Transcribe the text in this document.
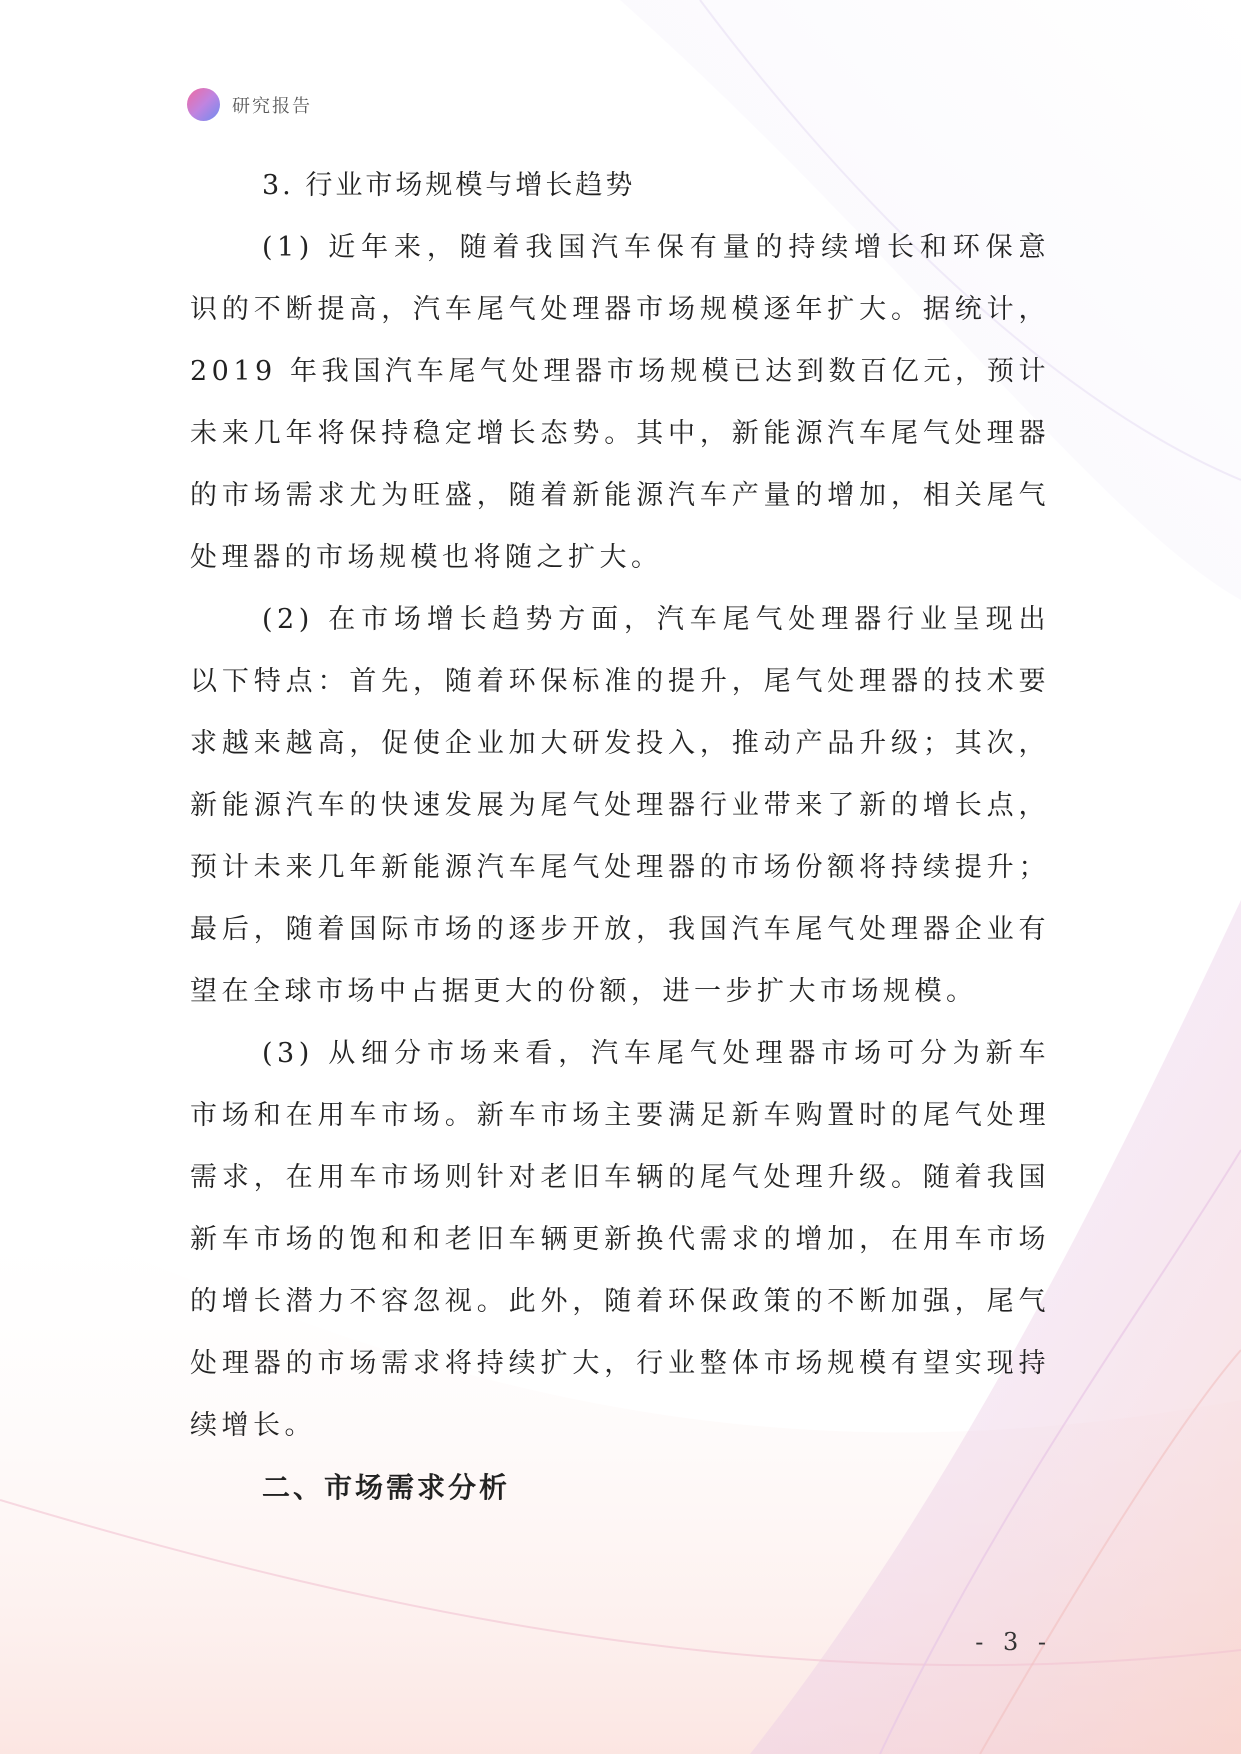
研究报告
3. 行业市场规模与增长趋势

(1) 近年来，随着我国汽车保有量的持续增长和环保意识的不断提高，汽车尾气处理器市场规模逐年扩大。据统计，2019 年我国汽车尾气处理器市场规模已达到数百亿元，预计未来几年将保持稳定增长态势。其中，新能源汽车尾气处理器的市场需求尤为旺盛，随着新能源汽车产量的增加，相关尾气处理器的市场规模也将随之扩大。

(2) 在市场增长趋势方面，汽车尾气处理器行业呈现出以下特点：首先，随着环保标准的提升，尾气处理器的技术要求越来越高，促使企业加大研发投入，推动产品升级；其次，新能源汽车的快速发展为尾气处理器行业带来了新的增长点，预计未来几年新能源汽车尾气处理器的市场份额将持续提升；最后，随着国际市场的逐步开放，我国汽车尾气处理器企业有望在全球市场中占据更大的份额，进一步扩大市场规模。

(3) 从细分市场来看，汽车尾气处理器市场可分为新车市场和在用车市场。新车市场主要满足新车购置时的尾气处理需求，在用车市场则针对老旧车辆的尾气处理升级。随着我国新车市场的饱和和老旧车辆更新换代需求的增加，在用车市场的增长潜力不容忽视。此外，随着环保政策的不断加强，尾气处理器的市场需求将持续扩大，行业整体市场规模有望实现持续增长。

二、市场需求分析
- 3 -
